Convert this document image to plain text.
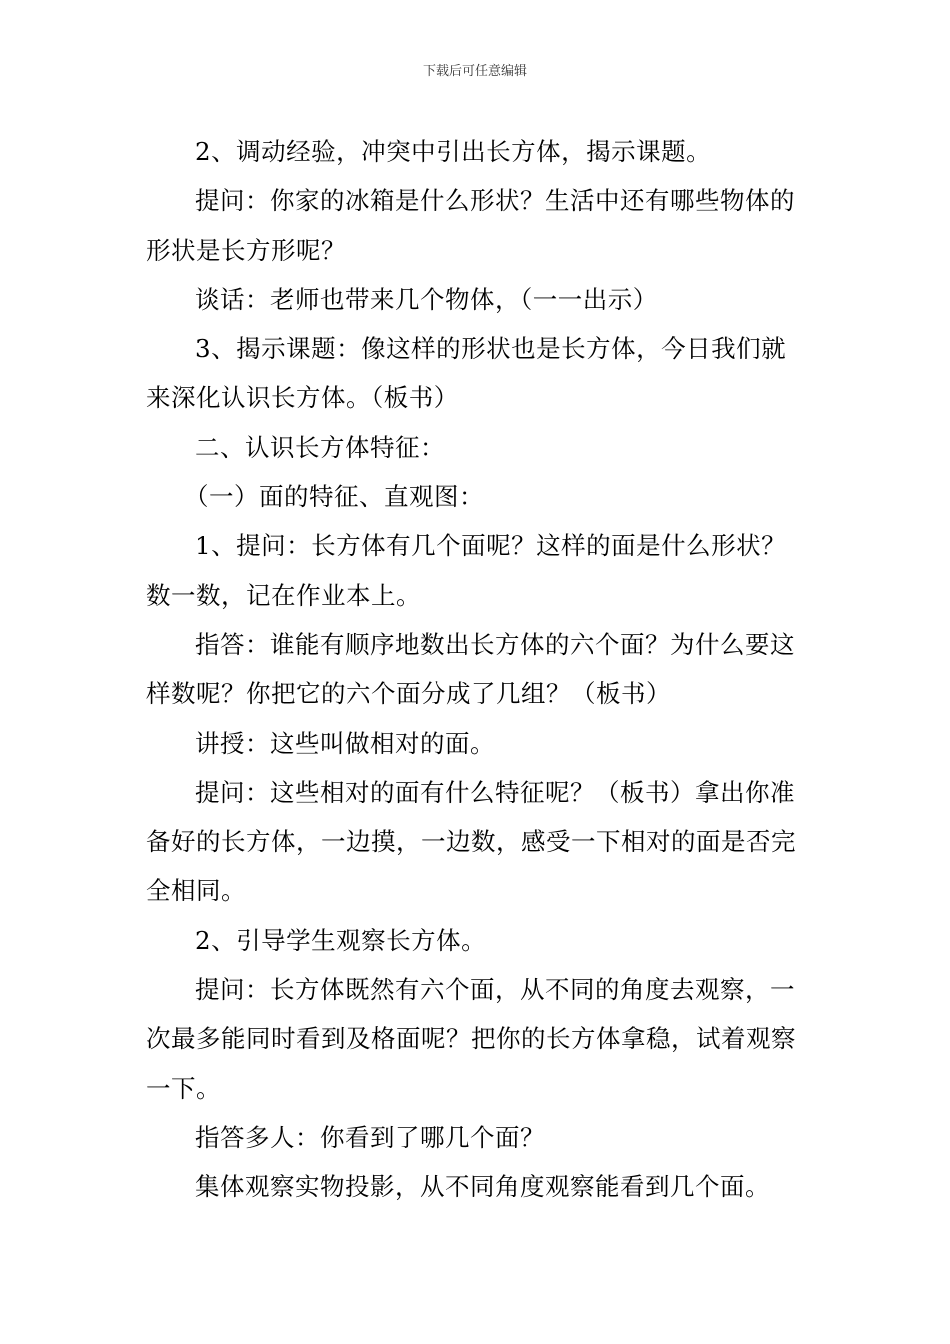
下载后可任意编辑

2、调动经验，冲突中引出长方体，揭示课题。

提问：你家的冰箱是什么形状？生活中还有哪些物体的形状是长方形呢？

谈话：老师也带来几个物体，（一一出示）

3、揭示课题：像这样的形状也是长方体，今日我们就来深化认识长方体。（板书）

二、认识长方体特征：

（一）面的特征、直观图：

1、提问：长方体有几个面呢？这样的面是什么形状？数一数，记在作业本上。

指答：谁能有顺序地数出长方体的六个面？为什么要这样数呢？你把它的六个面分成了几组？（板书）

讲授：这些叫做相对的面。

提问：这些相对的面有什么特征呢？（板书）拿出你准备好的长方体，一边摸，一边数，感受一下相对的面是否完全相同。

2、引导学生观察长方体。

提问：长方体既然有六个面，从不同的角度去观察，一次最多能同时看到及格面呢？把你的长方体拿稳，试着观察一下。

指答多人：你看到了哪几个面？

集体观察实物投影，从不同角度观察能看到几个面。
